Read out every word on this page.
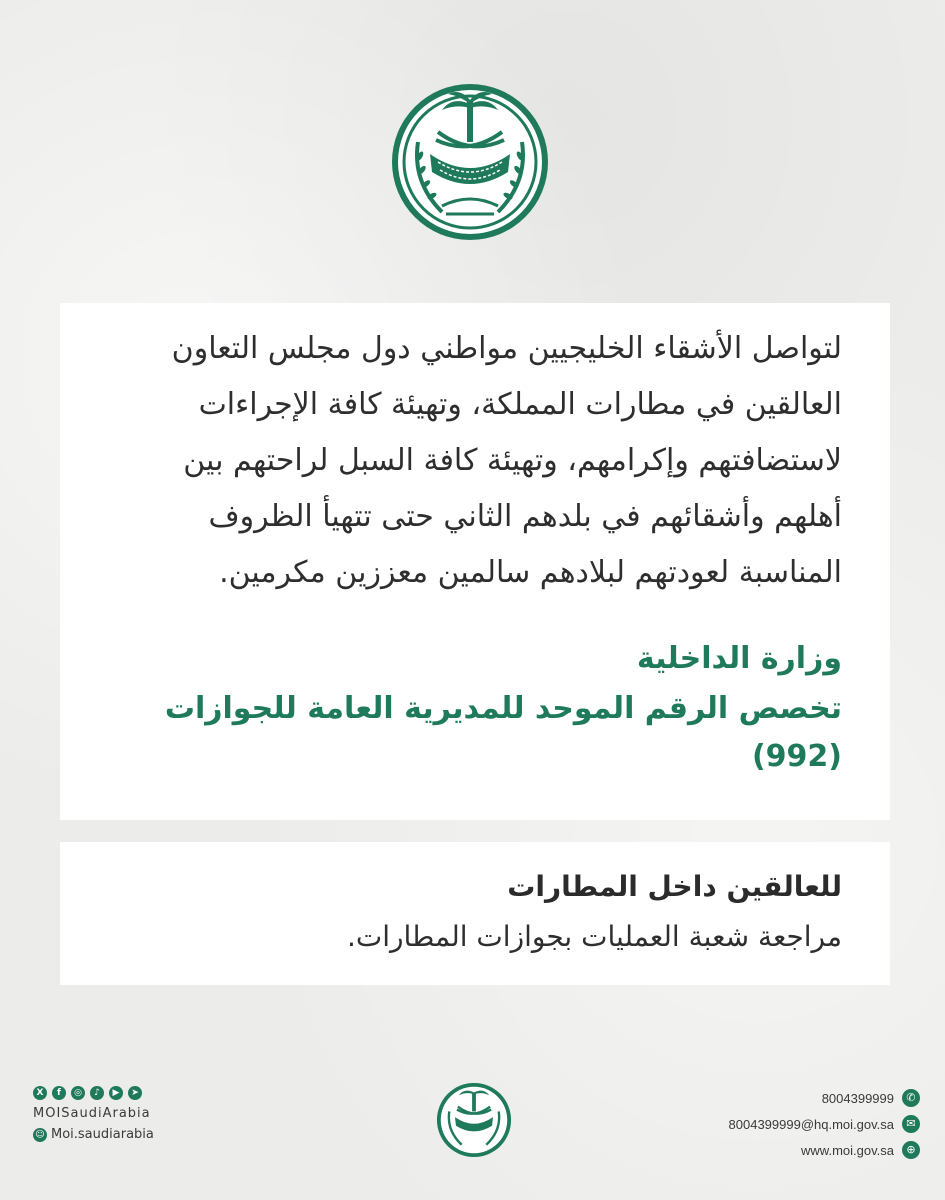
لتواصل الأشقاء الخليجيين مواطني دول مجلس التعاون
العالقين في مطارات المملكة، وتهيئة كافة الإجراءات
لاستضافتهم وإكرامهم، وتهيئة كافة السبل لراحتهم بين
أهلهم وأشقائهم في بلدهم الثاني حتى تتهيأ الظروف
المناسبة لعودتهم لبلادهم سالمين معززين مكرمين.

وزارة الداخلية
تخصص الرقم الموحد للمديرية العامة للجوازات (992)
للعالقين داخل المطارات
مراجعة شعبة العمليات بجوازات المطارات.
X	f	◎	♪	▶	➤
MOISaudiArabia
☺ Moi.saudiarabia
8004399999	✆
8004399999@hq.moi.gov.sa	✉
www.moi.gov.sa	⊕
